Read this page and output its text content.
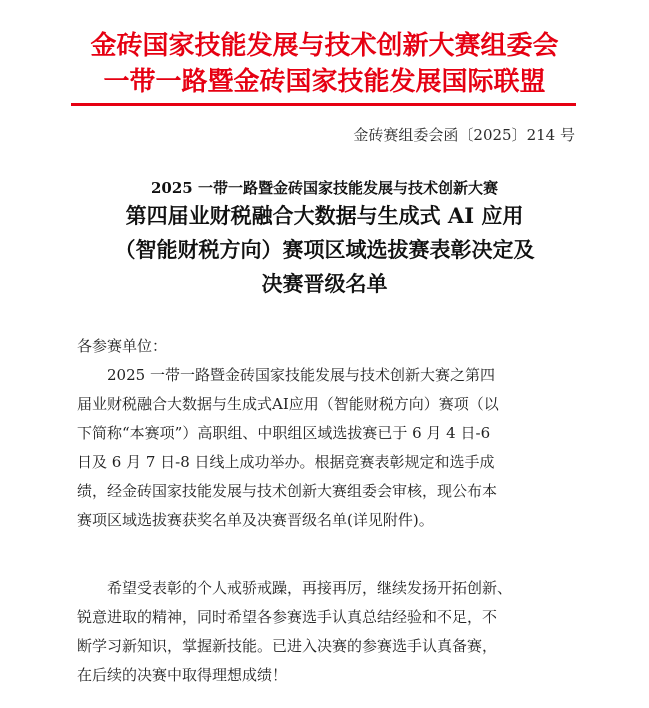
金砖国家技能发展与技术创新大赛组委会
一带一路暨金砖国家技能发展国际联盟
金砖赛组委会函〔2025〕214 号
2025 一带一路暨金砖国家技能发展与技术创新大赛
第四届业财税融合大数据与生成式 AI 应用
（智能财税方向）赛项区域选拔赛表彰决定及
决赛晋级名单
各参赛单位：
　　2025 一带一路暨金砖国家技能发展与技术创新大赛之第四
届业财税融合大数据与生成式AI应用（智能财税方向）赛项（以
下简称“本赛项”）高职组、中职组区域选拔赛已于 6 月 4 日-6
日及 6 月 7 日-8 日线上成功举办。根据竞赛表彰规定和选手成
绩，经金砖国家技能发展与技术创新大赛组委会审核，现公布本
赛项区域选拔赛获奖名单及决赛晋级名单(详见附件)。
　　希望受表彰的个人戒骄戒躁，再接再厉，继续发扬开拓创新、
锐意进取的精神，同时希望各参赛选手认真总结经验和不足，不
断学习新知识，掌握新技能。已进入决赛的参赛选手认真备赛，
在后续的决赛中取得理想成绩！
